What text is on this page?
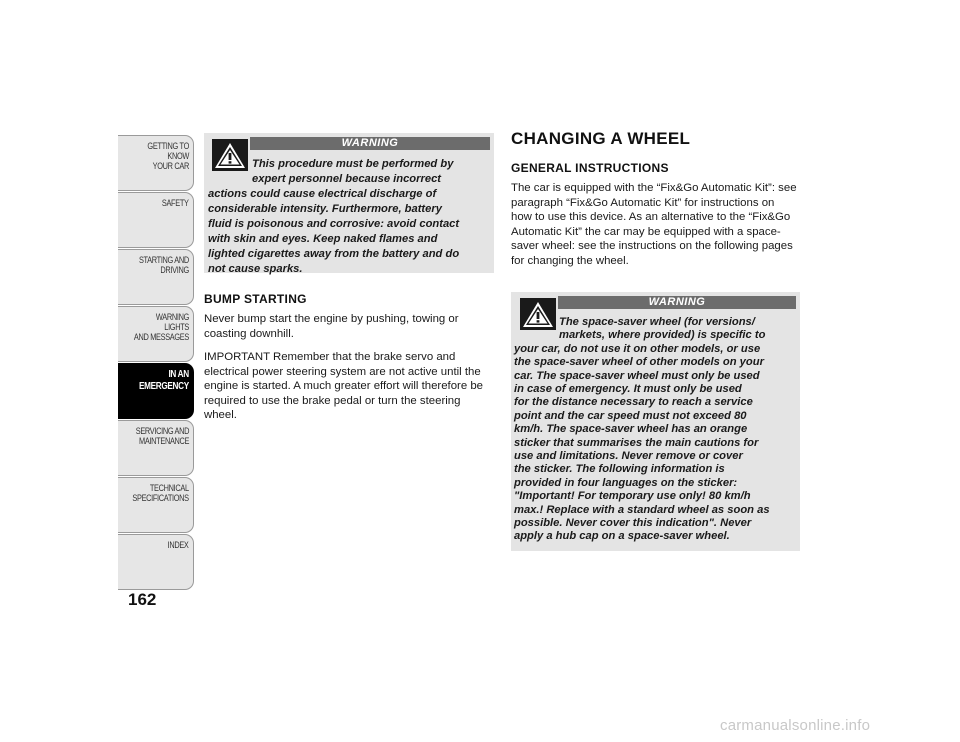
GETTING TO KNOW
YOUR CAR
SAFETY
STARTING AND
DRIVING
WARNING LIGHTS
AND MESSAGES
IN AN
EMERGENCY
SERVICING AND
MAINTENANCE
TECHNICAL
SPECIFICATIONS
INDEX
162
WARNING

This procedure must be performed by

expert personnel because incorrect

actions could cause electrical discharge of

considerable intensity. Furthermore, battery

fluid is poisonous and corrosive: avoid contact

with skin and eyes. Keep naked flames and

lighted cigarettes away from the battery and do

not cause sparks.

BUMP STARTING

Never bump start the engine by pushing, towing or coasting downhill.

IMPORTANT Remember that the brake servo and electrical power steering system are not active until the engine is started. A much greater effort will therefore be required to use the brake pedal or turn the steering wheel.

CHANGING A WHEEL
GENERAL INSTRUCTIONS

The car is equipped with the “Fix&Go Automatic Kit”: see paragraph “Fix&Go Automatic Kit” for instructions on how to use this device. As an alternative to the “Fix&Go Automatic Kit” the car may be equipped with a space-saver wheel: see the instructions on the following pages for changing the wheel.

WARNING

The space-saver wheel (for versions/

markets, where provided) is specific to

your car, do not use it on other models, or use

the space-saver wheel of other models on your

car. The space-saver wheel must only be used

in case of emergency. It must only be used

for the distance necessary to reach a service

point and the car speed must not exceed 80

km/h. The space-saver wheel has an orange

sticker that summarises the main cautions for

use and limitations. Never remove or cover

the sticker. The following information is

provided in four languages on the sticker:

"Important! For temporary use only! 80 km/h

max.! Replace with a standard wheel as soon as

possible. Never cover this indication". Never

apply a hub cap on a space-saver wheel.

carmanualsonline.info
